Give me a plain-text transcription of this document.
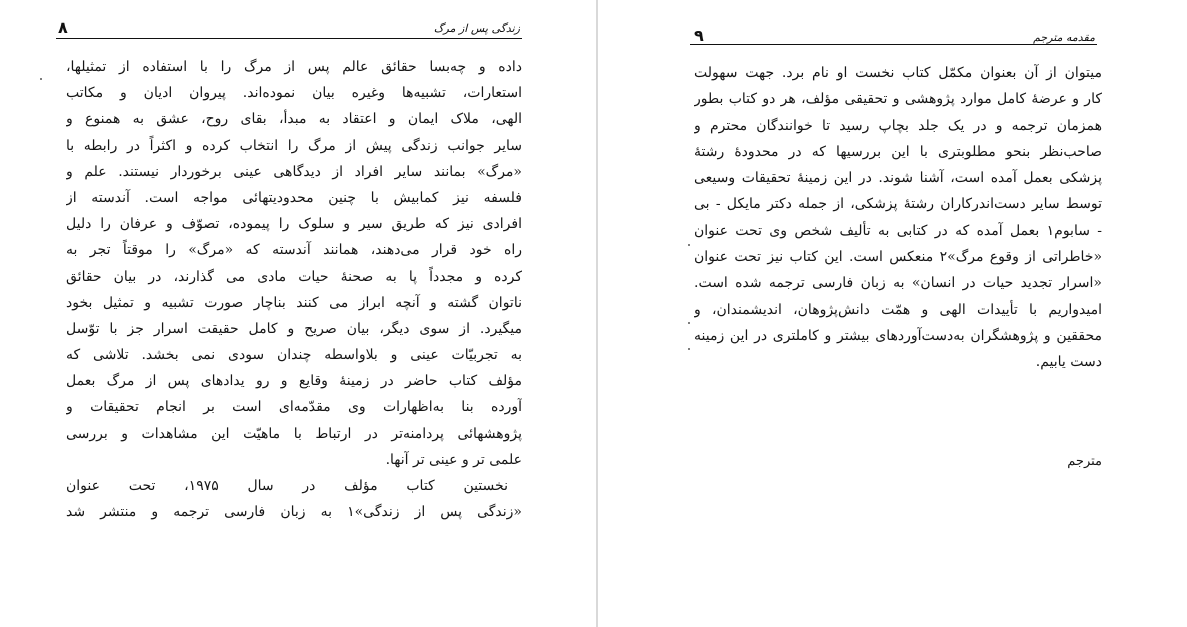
۸	زندگی پس از مرگ
داده و چه‌بسا حقائق عالم پس از مرگ را با استفاده از تمثیلها،
استعارات، تشبیه‌ها وغیره بیان نموده‌اند. پیروان ادیان و مکاتب
الهی، ملاک ایمان و اعتقاد به مبدأ، بقای روح، عشق به همنوع و
سایر جوانب زندگی پیش از مرگ را انتخاب کرده و اکثراً در رابطه با
«مرگ» بمانند سایر افراد از دیدگاهی عینی برخوردار نیستند. علم و
فلسفه نیز کمابیش با چنین محدودیتهائی مواجه است. آندسته از
افرادی نیز که طریق سیر و سلوک را پیموده، تصوّف و عرفان را دلیل
راه خود قرار می‌دهند، همانند آندسته که «مرگ» را موقتاً تجر به
کرده و مجدداً پا به صحنهٔ حیات مادی می گذارند، در بیان حقائق
ناتوان گشته و آنچه ابراز می کنند بناچار صورت تشبیه و تمثیل بخود
میگیرد. از سوی دیگر، بیان صریح و کامل حقیقت اسرار جز با توّسل
به تجربیّات عینی و بلاواسطه چندان سودی نمی بخشد. تلاشی که
مؤلف کتاب حاضر در زمینهٔ وقایع و رو یدادهای پس از مرگ بعمل
آورده بنا به‌اظهارات وی مقدّمه‌ای است بر انجام تحقیقات و
پژوهشهائی پردامنه‌تر در ارتباط با ماهیّت این مشاهدات و بررسی
علمی تر و عینی تر آنها.
نخستین کتاب مؤلف در سال ۱۹۷۵، تحت عنوان
«زندگی پس از زندگی»۱ به زبان فارسی ترجمه و منتشر شد
۹	مقدمه مترجم
میتوان از آن بعنوان مکمّل کتاب نخست او نام برد. جهت سهولت
کار و عرضهٔ کامل موارد پژوهشی و تحقیقی مؤلف، هر دو کتاب بطور
همزمان ترجمه و در یک جلد بچاپ رسید تا خوانندگان محترم و
صاحب‌نظر بنحو مطلوبتری با این بررسیها که در محدودهٔ رشتهٔ
پزشکی بعمل آمده است، آشنا شوند. در این زمینهٔ تحقیقات وسیعی
توسط سایر دست‌اندرکاران رشتهٔ پزشکی، از جمله دکتر مایکل - بی
- سابوم۱ بعمل آمده که در کتابی به تألیف شخص وی تحت عنوان
«خاطراتی از وقوع مرگ»۲ منعکس است. این کتاب نیز تحت عنوان
«اسرار تجدید حیات در انسان» به زبان فارسی ترجمه شده است.
امیدواریم با تأییدات الهی و همّت دانش‌پژوهان، اندیشمندان، و
محققین و پژوهشگران به‌دست‌آوردهای بیشتر و کاملتری در این زمینه
دست یابیم.
مترجم
